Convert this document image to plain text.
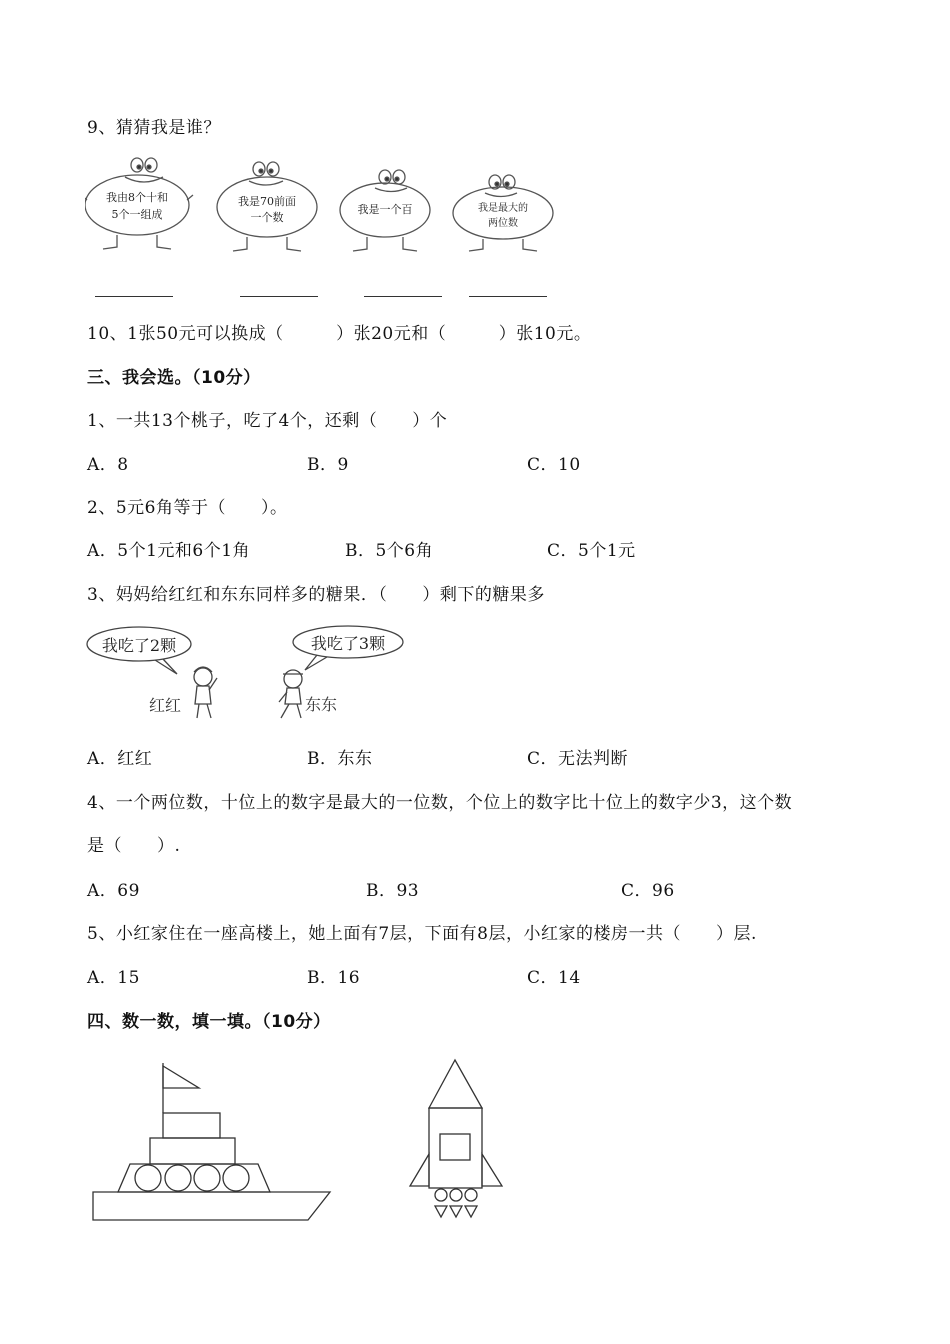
9、猜猜我是谁？
我由8个十和
5个一组成
我是70前面
一个数
我是一个百	我是最大的
两位数
10、1张50元可以换成（　　　）张20元和（　　　）张10元。
三、我会选。（10分）
1、一共13个桃子，吃了4个，还剩（　　）个
A．8	B．9	C．10
2、5元6角等于（　　）。
A．5个1元和6个1角	B．5个6角	C．5个1元
3、妈妈给红红和东东同样多的糖果．（　　）剩下的糖果多
我吃了2颗
红红
我吃了3颗
东东
A．红红	B．东东	C．无法判断
4、一个两位数，十位上的数字是最大的一位数，个位上的数字比十位上的数字少3，这个数
是（　　）.
A．69	B．93	C．96
5、小红家住在一座高楼上，她上面有7层，下面有8层，小红家的楼房一共（　　）层.
A．15	B．16	C．14
四、数一数，填一填。（10分）
